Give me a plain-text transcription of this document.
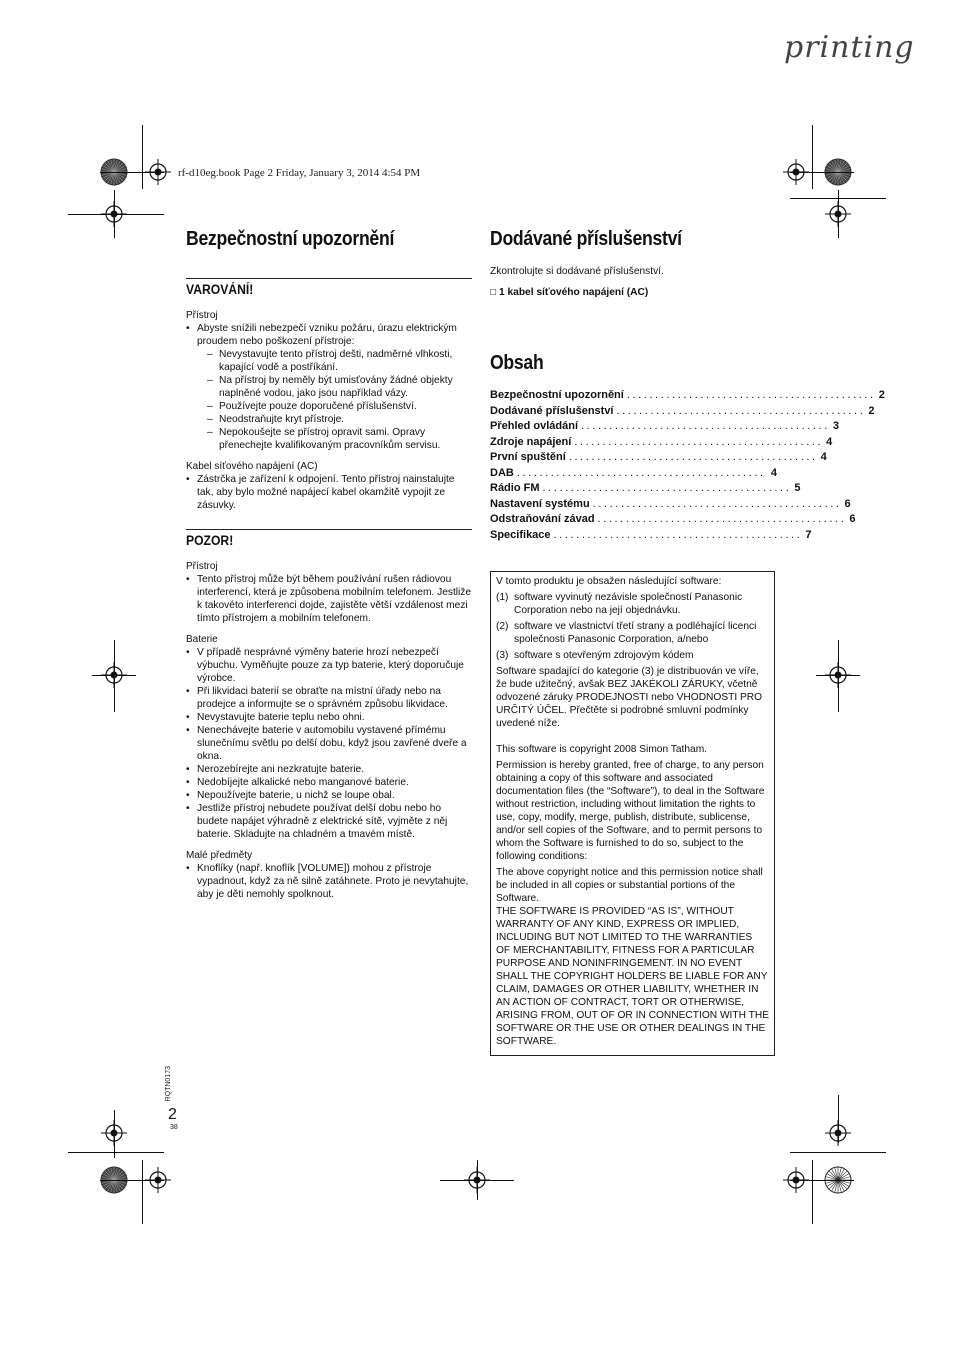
printing
rf-d10eg.book Page 2 Friday, January 3, 2014 4:54 PM
Bezpečnostní upozornění
VAROVÁNÍ!
Přístroj
• Abyste snížili nebezpečí vzniku požáru, úrazu elektrickým proudem nebo poškození přístroje:
– Nevystavujte tento přístroj dešti, nadměrné vlhkosti, kapající vodě a postříkání.
– Na přístroj by neměly být umisťovány žádné objekty naplněné vodou, jako jsou například vázy.
– Používejte pouze doporučené příslušenství.
– Neodstraňujte kryt přístroje.
– Nepokoušejte se přístroj opravit sami. Opravy přenechejte kvalifikovaným pracovníkům servisu.
Kabel síťového napájení (AC)
• Zástrčka je zařízení k odpojení. Tento přístroj nainstalujte tak, aby bylo možné napájecí kabel okamžitě vypojit ze zásuvky.
POZOR!
Přístroj
• Tento přístroj může být během používání rušen rádiovou interferencí, která je způsobena mobilním telefonem. Jestliže k takovéto interferenci dojde, zajistěte větší vzdálenost mezi tímto přístrojem a mobilním telefonem.
Baterie
• V případě nesprávné výměny baterie hrozí nebezpečí výbuchu. Vyměňujte pouze za typ baterie, který doporučuje výrobce.
• Při likvidaci baterií se obraťte na místní úřady nebo na prodejce a informujte se o správném způsobu likvidace.
• Nevystavujte baterie teplu nebo ohni.
• Nenechávejte baterie v automobilu vystavené přímému slunečnímu světlu po delší dobu, když jsou zavřené dveře a okna.
• Nerozebírejte ani nezkratujte baterie.
• Nedobíjejte alkalické nebo manganové baterie.
• Nepoužívejte baterie, u nichž se loupe obal.
• Jestliže přístroj nebudete používat delší dobu nebo ho budete napájet výhradně z elektrické sítě, vyjměte z něj baterie. Skladujte na chladném a tmavém místě.
Malé předměty
• Knoflíky (např. knoflík [VOLUME]) mohou z přístroje vypadnout, když za ně silně zatáhnete. Proto je nevytahujte, aby je děti nemohly spolknout.
Dodávané příslušenství
Zkontrolujte si dodávané příslušenství.
□ 1 kabel síťového napájení (AC)
Obsah
Bezpečnostní upozornění ............................................ 2
Dodávané příslušenství ............................................ 2
Přehled ovládání ............................................ 3
Zdroje napájení ............................................ 4
První spuštění ............................................ 4
DAB ............................................ 4
Rádio FM ............................................ 5
Nastavení systému ............................................ 6
Odstraňování závad ............................................ 6
Specifikace ............................................ 7

V tomto produktu je obsažen následující software:

(1) software vyvinutý nezávisle společností Panasonic Corporation nebo na její objednávku.
(2) software ve vlastnictví třetí strany a podléhající licenci společnosti Panasonic Corporation, a/nebo
(3) software s otevřeným zdrojovým kódem

Software spadající do kategorie (3) je distribuován ve víře, že bude užitečný, avšak BEZ JAKÉKOLI ZÁRUKY, včetně odvozené záruky PRODEJNOSTI nebo VHODNOSTI PRO URČITÝ ÚČEL. Přečtěte si podrobné smluvní podmínky uvedené níže.

This software is copyright 2008 Simon Tatham.

Permission is hereby granted, free of charge, to any person obtaining a copy of this software and associated documentation files (the “Software”), to deal in the Software without restriction, including without limitation the rights to use, copy, modify, merge, publish, distribute, sublicense, and/or sell copies of the Software, and to permit persons to whom the Software is furnished to do so, subject to the following conditions:

The above copyright notice and this permission notice shall be included in all copies or substantial portions of the Software.

THE SOFTWARE IS PROVIDED “AS IS”, WITHOUT WARRANTY OF ANY KIND, EXPRESS OR IMPLIED, INCLUDING BUT NOT LIMITED TO THE WARRANTIES OF MERCHANTABILITY, FITNESS FOR A PARTICULAR PURPOSE AND NONINFRINGEMENT. IN NO EVENT SHALL THE COPYRIGHT HOLDERS BE LIABLE FOR ANY CLAIM, DAMAGES OR OTHER LIABILITY, WHETHER IN AN ACTION OF CONTRACT, TORT OR OTHERWISE, ARISING FROM, OUT OF OR IN CONNECTION WITH THE SOFTWARE OR THE USE OR OTHER DEALINGS IN THE SOFTWARE.

RQTN0173
2
38
